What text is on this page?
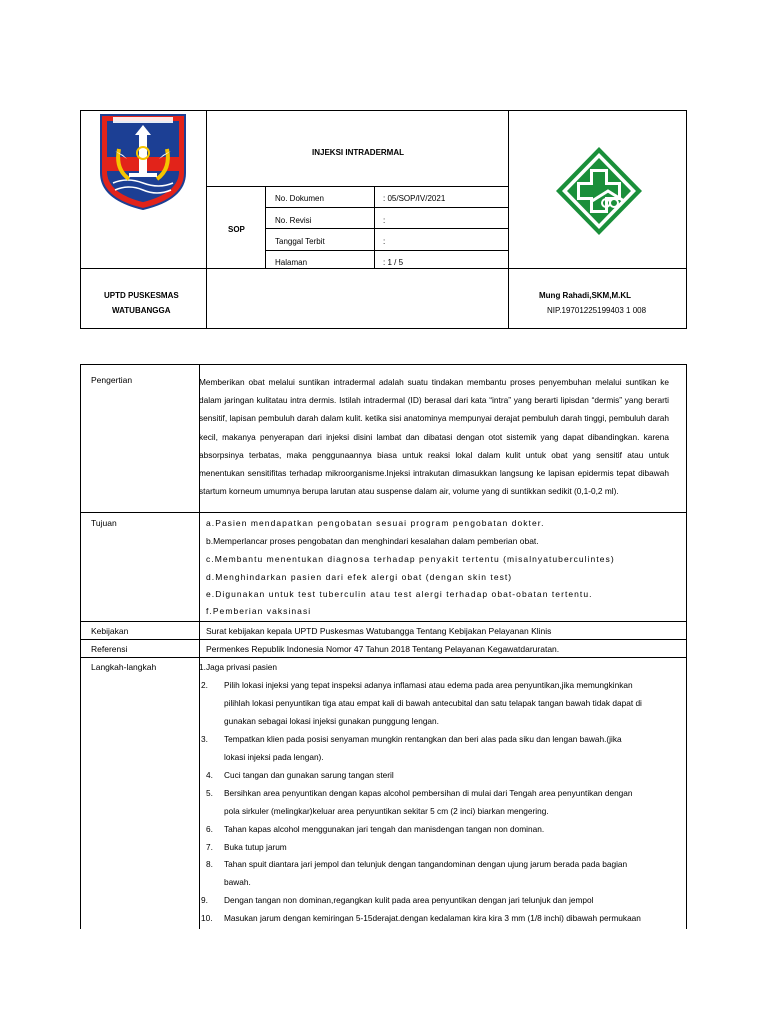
INJEKSI INTRADERMAL
SOP
No. Dokumen	: 05/SOP/IV/2021
No. Revisi	:
Tanggal Terbit	:
Halaman	: 1 / 5
UPTD PUSKESMAS
WATUBANGGA
Mung Rahadi,SKM,M.KL
NIP.19701225199403 1 008
Pengertian	Memberikan obat melalui suntikan intradermal adalah suatu tindakan membantu proses penyembuhan melalui suntikan ke dalam jaringan kulitatau intra dermis. Istilah intradermal (ID) berasal dari kata “intra” yang berarti lipisdan “dermis” yang berarti sensitif, lapisan pembuluh darah dalam kulit. ketika sisi anatominya mempunyai derajat pembuluh darah tinggi, pembuluh darah kecil, makanya penyerapan dari injeksi disini lambat dan dibatasi dengan otot sistemik yang dapat dibandingkan. karena absorpsinya terbatas, maka penggunaannya biasa untuk reaksi lokal dalam kulit untuk obat yang sensitif atau untuk menentukan sensitifitas terhadap mikroorganisme.Injeksi intrakutan dimasukkan langsung ke lapisan epidermis tepat dibawah startum korneum umumnya berupa larutan atau suspense dalam air, volume yang di suntikkan sedikit (0,1-0,2 ml).

Tujuan	a.Pasien mendapatkan pengobatan sesuai program pengobatan dokter.
b.Memperlancar proses pengobatan dan menghindari kesalahan dalam pemberian obat.
c.Membantu menentukan diagnosa terhadap penyakit tertentu (misalnyatuberculintes)
d.Menghindarkan pasien dari efek alergi obat (dengan skin test)
e.Digunakan untuk test tuberculin atau test alergi terhadap obat-obatan tertentu.
f.Pemberian vaksinasi
Kebijakan	Surat kebijakan kepala UPTD Puskesmas Watubangga Tentang Kebijakan Pelayanan Klinis
Referensi	Permenkes Republik Indonesia Nomor 47 Tahun 2018 Tentang Pelayanan Kegawatdaruratan.
Langkah-langkah	1. Jaga privasi pasien
2. Pilih lokasi injeksi yang tepat inspeksi adanya inflamasi atau edema pada area penyuntikan,jika memungkinkan
pilihlah lokasi penyuntikan tiga atau empat kali di bawah antecubital dan satu telapak tangan bawah tidak dapat di
gunakan sebagai lokasi injeksi gunakan punggung lengan.
3. Tempatkan klien pada posisi senyaman mungkin rentangkan dan beri alas pada siku dan lengan bawah.(jika
lokasi injeksi pada lengan).
4. Cuci tangan dan gunakan sarung tangan steril
5. Bersihkan area penyuntikan dengan kapas alcohol pembersihan di mulai dari Tengah area penyuntikan dengan
pola sirkuler (melingkar)keluar area penyuntikan sekitar 5 cm (2 inci) biarkan mengering.
6. Tahan kapas alcohol menggunakan jari tengah dan manisdengan tangan non dominan.
7. Buka tutup jarum
8. Tahan spuit diantara jari jempol dan telunjuk dengan tangandominan dengan ujung jarum berada pada bagian
bawah.
9. Dengan tangan non dominan,regangkan kulit pada area penyuntikan dengan jari telunjuk dan jempol
10. Masukan jarum dengan kemiringan 5-15derajat.dengan kedalaman kira kira 3 mm (1/8 inchi) dibawah permukaan
